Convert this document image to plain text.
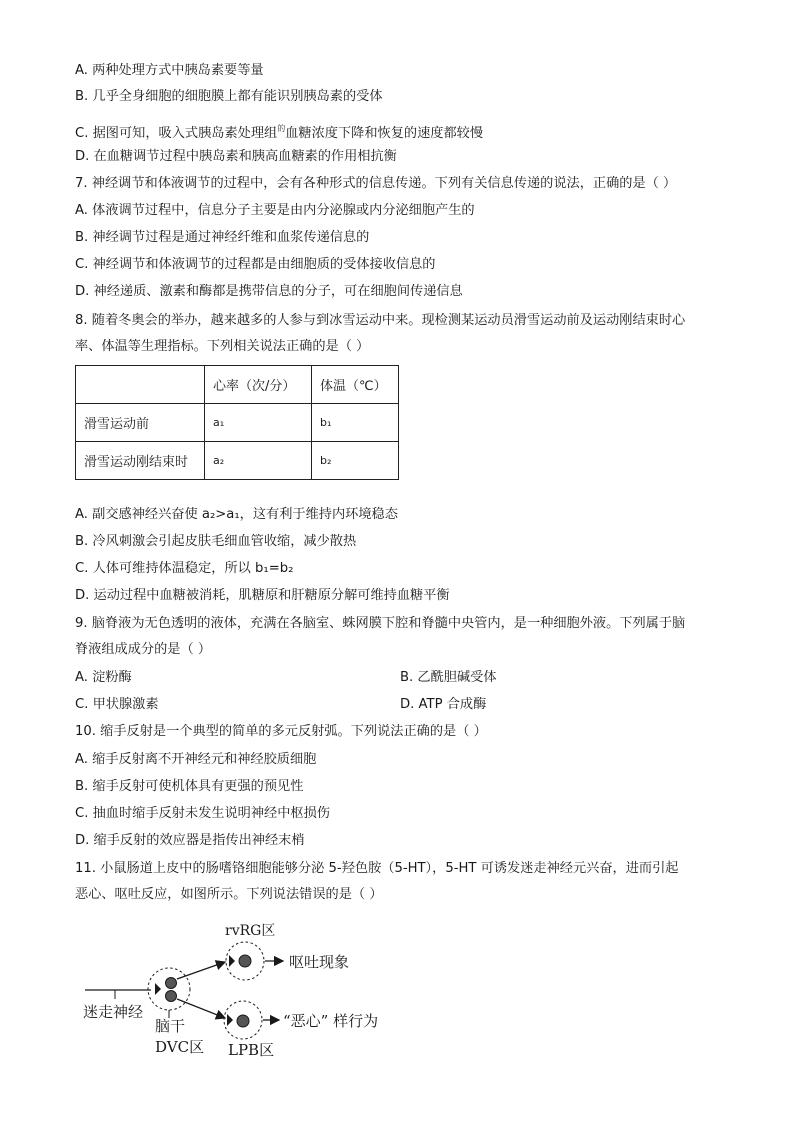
A. 两种处理方式中胰岛素要等量
B. 几乎全身细胞的细胞膜上都有能识别胰岛素的受体
C. 据图可知，吸入式胰岛素处理组$^的$血糖浓度下降和恢复的速度都较慢
D. 在血糖调节过程中胰岛素和胰高血糖素的作用相抗衡
7. 神经调节和体液调节的过程中，会有各种形式的信息传递。下列有关信息传递的说法，正确的是（ ）
A. 体液调节过程中，信息分子主要是由内分泌腺或内分泌细胞产生的
B. 神经调节过程是通过神经纤维和血浆传递信息的
C. 神经调节和体液调节的过程都是由细胞质的受体接收信息的
D. 神经递质、激素和酶都是携带信息的分子，可在细胞间传递信息
8. 随着冬奥会的举办，越来越多的人参与到冰雪运动中来。现检测某运动员滑雪运动前及运动刚结束时心
率、体温等生理指标。下列相关说法正确的是（ ）
	心率（次/分）	体温（℃）
滑雪运动前	a₁	b₁
滑雪运动刚结束时	a₂	b₂
A. 副交感神经兴奋使 a₂>a₁，这有利于维持内环境稳态
B. 冷风刺激会引起皮肤毛细血管收缩，减少散热
C. 人体可维持体温稳定，所以 b₁=b₂
D. 运动过程中血糖被消耗，肌糖原和肝糖原分解可维持血糖平衡
9. 脑脊液为无色透明的液体，充满在各脑室、蛛网膜下腔和脊髓中央管内，是一种细胞外液。下列属于脑
脊液组成成分的是（ ）
A. 淀粉酶	B. 乙酰胆碱受体
C. 甲状腺激素	D. ATP 合成酶
10. 缩手反射是一个典型的简单的多元反射弧。下列说法正确的是（ ）
A. 缩手反射离不开神经元和神经胶质细胞
B. 缩手反射可使机体具有更强的预见性
C. 抽血时缩手反射未发生说明神经中枢损伤
D. 缩手反射的效应器是指传出神经末梢
11. 小鼠肠道上皮中的肠嗜铬细胞能够分泌 5-羟色胺（5-HT），5-HT 可诱发迷走神经元兴奋，进而引起
恶心、呕吐反应，如图所示。下列说法错误的是（ ）
迷走神经
脑干
DVC区
rvRG区
呕吐现象
“恶心” 样行为
LPB区
